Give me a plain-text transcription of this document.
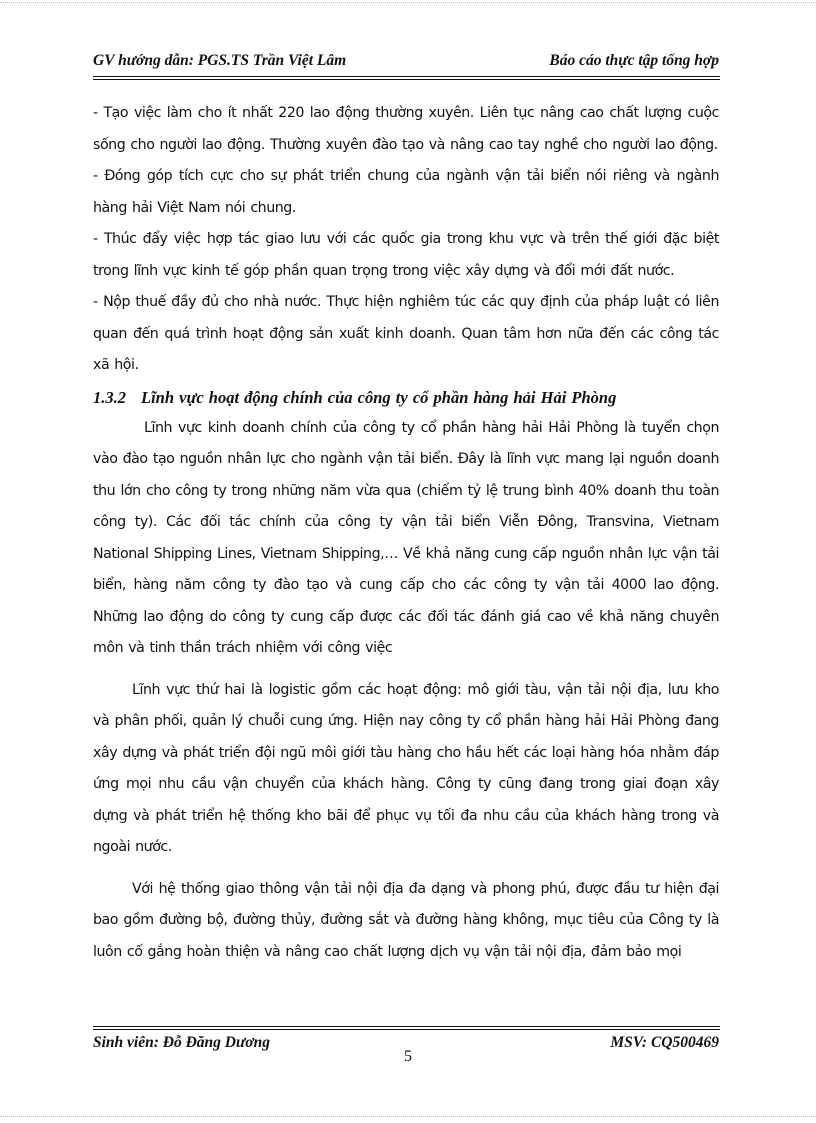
GV hướng dẫn: PGS.TS Trần Việt Lâm	Báo cáo thực tập tổng hợp

- Tạo việc làm cho ít nhất 220 lao động thường xuyên. Liên tục nâng cao chất lượng cuộc sống cho người lao động. Thường xuyên đào tạo và nâng cao tay nghề cho người lao động.

- Đóng góp tích cực cho sự phát triển chung của ngành vận tải biển nói riêng và ngành hàng hải Việt Nam nói chung.

- Thúc đẩy việc hợp tác giao lưu với các quốc gia trong khu vực và trên thế giới đặc biệt trong lĩnh vực kinh tế góp phần quan trọng trong việc xây dựng và đổi mới đất nước.

- Nộp thuế đầy đủ cho nhà nước. Thực hiện nghiêm túc các quy định của pháp luật có liên quan đến quá trình hoạt động sản xuất kinh doanh. Quan tâm hơn nữa đến các công tác xã hội.

1.3.2 Lĩnh vực hoạt động chính của công ty cổ phần hàng hải Hải Phòng

Lĩnh vực kinh doanh chính của công ty cổ phần hàng hải Hải Phòng là tuyển chọn vào đào tạo nguồn nhân lực cho ngành vận tải biển. Đây là lĩnh vực mang lại nguồn doanh thu lớn cho công ty trong những năm vừa qua (chiếm tỷ lệ trung bình 40% doanh thu toàn công ty). Các đối tác chính của công ty vận tải biển Viễn Đông, Transvina, Vietnam National Shipping Lines, Vietnam Shipping,… Về khả năng cung cấp nguồn nhân lực vận tải biển, hàng năm công ty đào tạo và cung cấp cho các công ty vận tải 4000 lao động. Những lao động do công ty cung cấp được các đối tác đánh giá cao về khả năng chuyên môn và tinh thần trách nhiệm với công việc

Lĩnh vực thứ hai là logistic gồm các hoạt động: mô giới tàu, vận tải nội địa, lưu kho và phân phối, quản lý chuỗi cung ứng. Hiện nay công ty cổ phần hàng hải Hải Phòng đang xây dựng và phát triển đội ngũ môi giới tàu hàng cho hầu hết các loại hàng hóa nhằm đáp ứng mọi nhu cầu vận chuyển của khách hàng. Công ty cũng đang trong giai đoạn xây dựng và phát triển hệ thống kho bãi để phục vụ tối đa nhu cầu của khách hàng trong và ngoài nước.

Với hệ thống giao thông vận tải nội địa đa dạng và phong phú, được đầu tư hiện đại bao gồm đường bộ, đường thủy, đường sắt và đường hàng không, mục tiêu của Công ty là luôn cố gắng hoàn thiện và nâng cao chất lượng dịch vụ vận tải nội địa, đảm bảo mọi

Sinh viên: Đỗ Đăng Dương	MSV: CQ500469
5
